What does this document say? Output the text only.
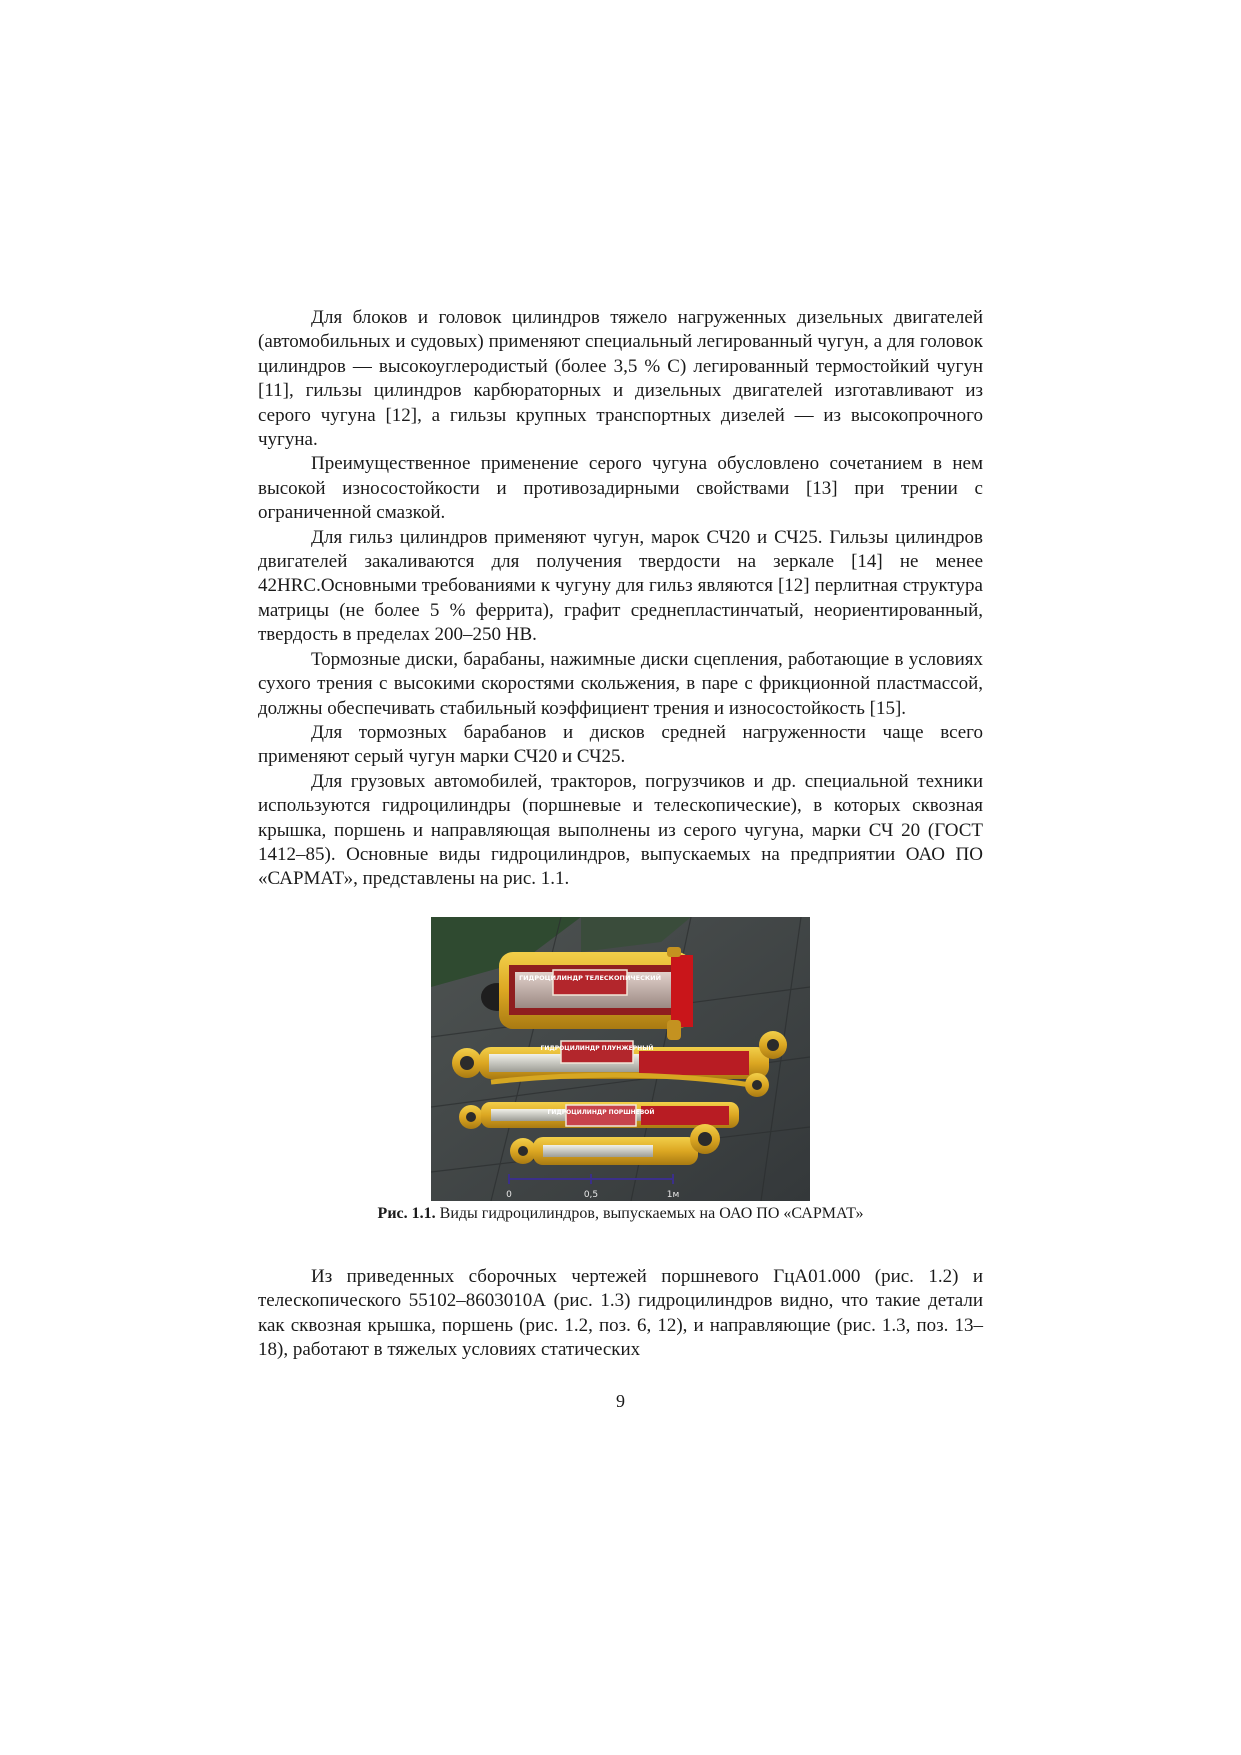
Для блоков и головок цилиндров тяжело нагруженных дизельных двигателей (автомобильных и судовых) применяют специальный легированный чугун, а для головок цилиндров — высокоуглеродистый (более 3,5 % С) легированный термостойкий чугун [11], гильзы цилиндров карбюраторных и дизельных двигателей изготавливают из серого чугуна [12], а гильзы крупных транспортных дизелей — из высокопрочного чугуна.

Преимущественное применение серого чугуна обусловлено сочетанием в нем высокой износостойкости и противозадирными свойствами [13] при трении с ограниченной смазкой.

Для гильз цилиндров применяют чугун, марок СЧ20 и СЧ25. Гильзы цилиндров двигателей закаливаются для получения твердости на зеркале [14] не менее 42HRC.Основными требованиями к чугуну для гильз являются [12] перлитная структура матрицы (не более 5 % феррита), графит среднепластинчатый, неориентированный, твердость в пределах 200–250 НВ.

Тормозные диски, барабаны, нажимные диски сцепления, работающие в условиях сухого трения с высокими скоростями скольжения, в паре с фрикционной пластмассой, должны обеспечивать стабильный коэффициент трения и износостойкость [15].

Для тормозных барабанов и дисков средней нагруженности чаще всего применяют серый чугун марки СЧ20 и СЧ25.

Для грузовых автомобилей, тракторов, погрузчиков и др. специальной техники используются гидроцилиндры (поршневые и телескопические), в которых сквозная крышка, поршень и направляющая выполнены из серого чугуна, марки СЧ 20 (ГОСТ 1412–85). Основные виды гидроцилиндров, выпускаемых на предприятии ОАО ПО «САРМАТ», представлены на рис. 1.1.

ГИДРОЦИЛИНДР ТЕЛЕСКОПИЧЕСКИЙ
ГИДРОЦИЛИНДР ПЛУНЖЕРНЫЙ
ГИДРОЦИЛИНДР ПОРШНЕВОЙ
0	0,5	1м
Рис. 1.1. Виды гидроцилиндров, выпускаемых на ОАО ПО «САРМАТ»

Из приведенных сборочных чертежей поршневого ГцА01.000 (рис. 1.2) и телескопического 55102–8603010А (рис. 1.3) гидроцилиндров видно, что такие детали как сквозная крышка, поршень (рис. 1.2, поз. 6, 12), и направляющие (рис. 1.3, поз. 13–18), работают в тяжелых условиях статических

9
